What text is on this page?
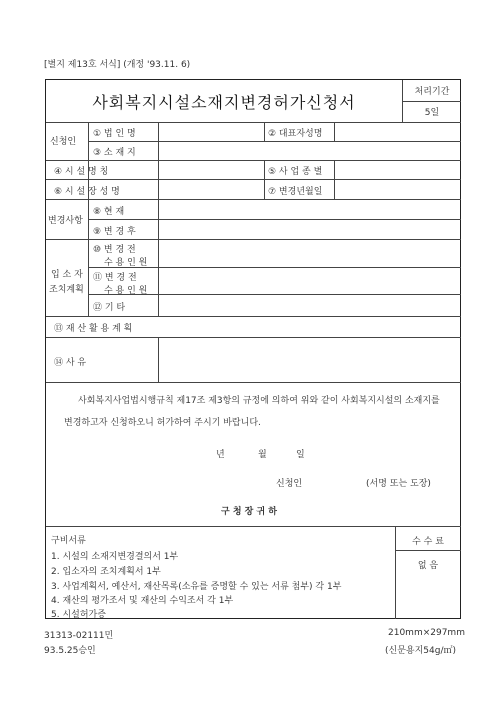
[별지 제13호 서식] (개정 '93.11. 6)
사회복지시설소재지변경허가신청서
처리기간
5일
신청인
① 법 인 명	② 대표자성명
③ 소 재 지
④ 시 설 명 칭	⑤ 사 업 종 별
⑥ 시 설 장 성 명	⑦ 변경년월일
변경사항
⑧ 현 재
⑨ 변 경 후
입 소 자
조치계획
⑩ 변 경 전
수 용 인 원
⑪ 변 경 전
수 용 인 원
⑫ 기 타
⑬ 재 산 활 용 계 획
⑭ 사 유
사회복지사업법시행규칙 제17조 제3항의 규정에 의하여 위와 같이 사회복지시설의 소재지를 변경하고자 신청하오니 허가하여 주시기 바랍니다.
년	월	일
신청인	(서명 또는 도장)
구 청 장 귀 하
구비서류
1. 시설의 소재지변경결의서 1부
2. 입소자의 조치계획서 1부
3. 사업계획서, 예산서, 재산목록(소유를 증명할 수 있는 서류 첨부) 각 1부
4. 재산의 평가조서 및 재산의 수익조서 각 1부
5. 시설허가증
수 수 료
없 음
31313-02111민
93.5.25승인
210mm×297mm
(신문용지54g/㎡)
